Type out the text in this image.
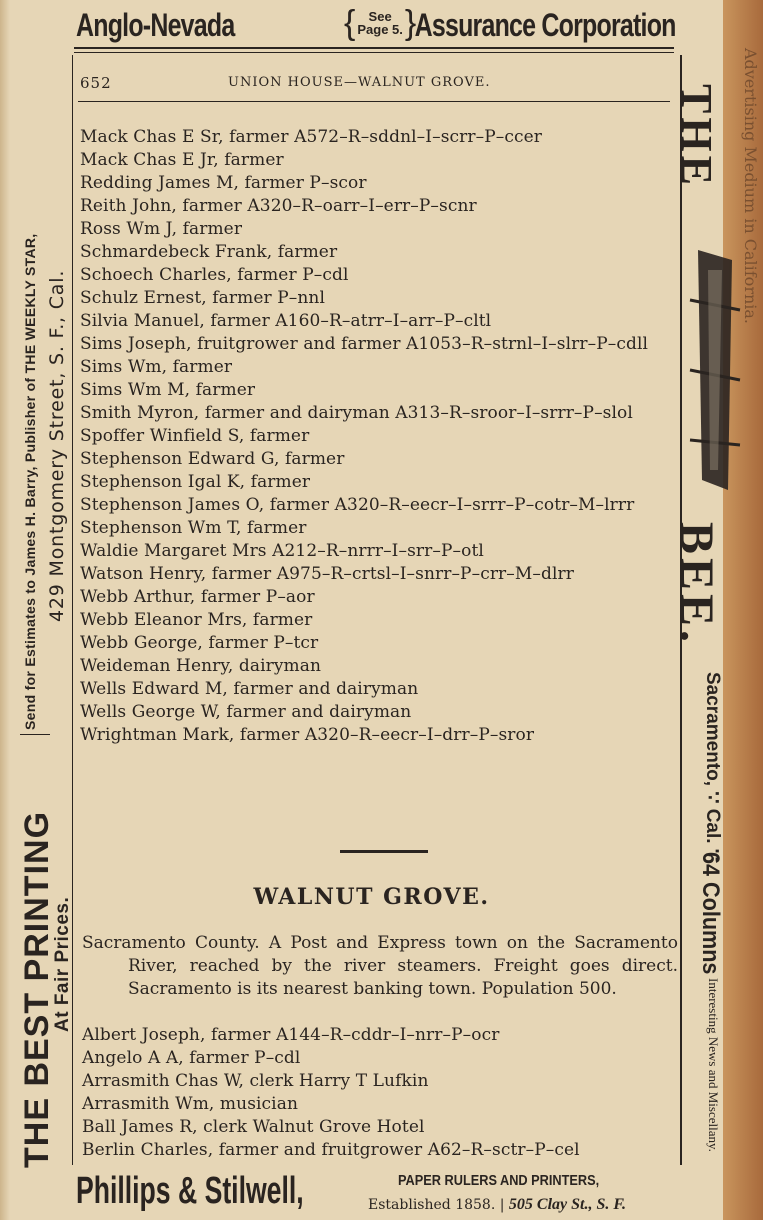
Anglo-Nevada	{ See
Page 5. }
Assurance Corporation
652	UNION HOUSE—WALNUT GROVE.
Mack Chas E Sr, farmer A572–R–sddnl–I–scrr–P–ccer
Mack Chas E Jr, farmer
Redding James M, farmer P–scor
Reith John, farmer A320–R–oarr–I–err–P–scnr
Ross Wm J, farmer
Schmardebeck Frank, farmer
Schoech Charles, farmer P–cdl
Schulz Ernest, farmer P–nnl
Silvia Manuel, farmer A160–R–atrr–I–arr–P–cltl
Sims Joseph, fruitgrower and farmer A1053–R–strnl–I–slrr–P–cdll
Sims Wm, farmer
Sims Wm M, farmer
Smith Myron, farmer and dairyman A313–R–sroor–I–srrr–P–slol
Spoffer Winfield S, farmer
Stephenson Edward G, farmer
Stephenson Igal K, farmer
Stephenson James O, farmer A320–R–eecr–I–srrr–P–cotr–M–lrrr
Stephenson Wm T, farmer
Waldie Margaret Mrs A212–R–nrrr–I–srr–P–otl
Watson Henry, farmer A975–R–crtsl–I–snrr–P–crr–M–dlrr
Webb Arthur, farmer P–aor
Webb Eleanor Mrs, farmer
Webb George, farmer P–tcr
Weideman Henry, dairyman
Wells Edward M, farmer and dairyman
Wells George W, farmer and dairyman
Wrightman Mark, farmer A320–R–eecr–I–drr–P–sror
WALNUT GROVE.
Sacramento County. A Post and Express town on the Sacramento River, reached by the river steamers. Freight goes direct. Sacramento is its nearest banking town. Population 500.
Albert Joseph, farmer A144–R–cddr–I–nrr–P–ocr
Angelo A A, farmer P–cdl
Arrasmith Chas W, clerk Harry T Lufkin
Arrasmith Wm, musician
Ball James R, clerk Walnut Grove Hotel
Berlin Charles, farmer and fruitgrower A62–R–sctr–P–cel
Phillips & Stilwell,	PAPER RULERS AND PRINTERS,
Established 1858. | 505 Clay St., S. F.
THE BEST PRINTING
At Fair Prices.
Send for Estimates to James H. Barry, Publisher of THE WEEKLY STAR, 429 Montgomery Street, S. F., Cal.
THE
BEE.
Sacramento, ∵ Cal. ∵
64 Columns
Interesting News and Miscellany.
Advertising Medium in California.
